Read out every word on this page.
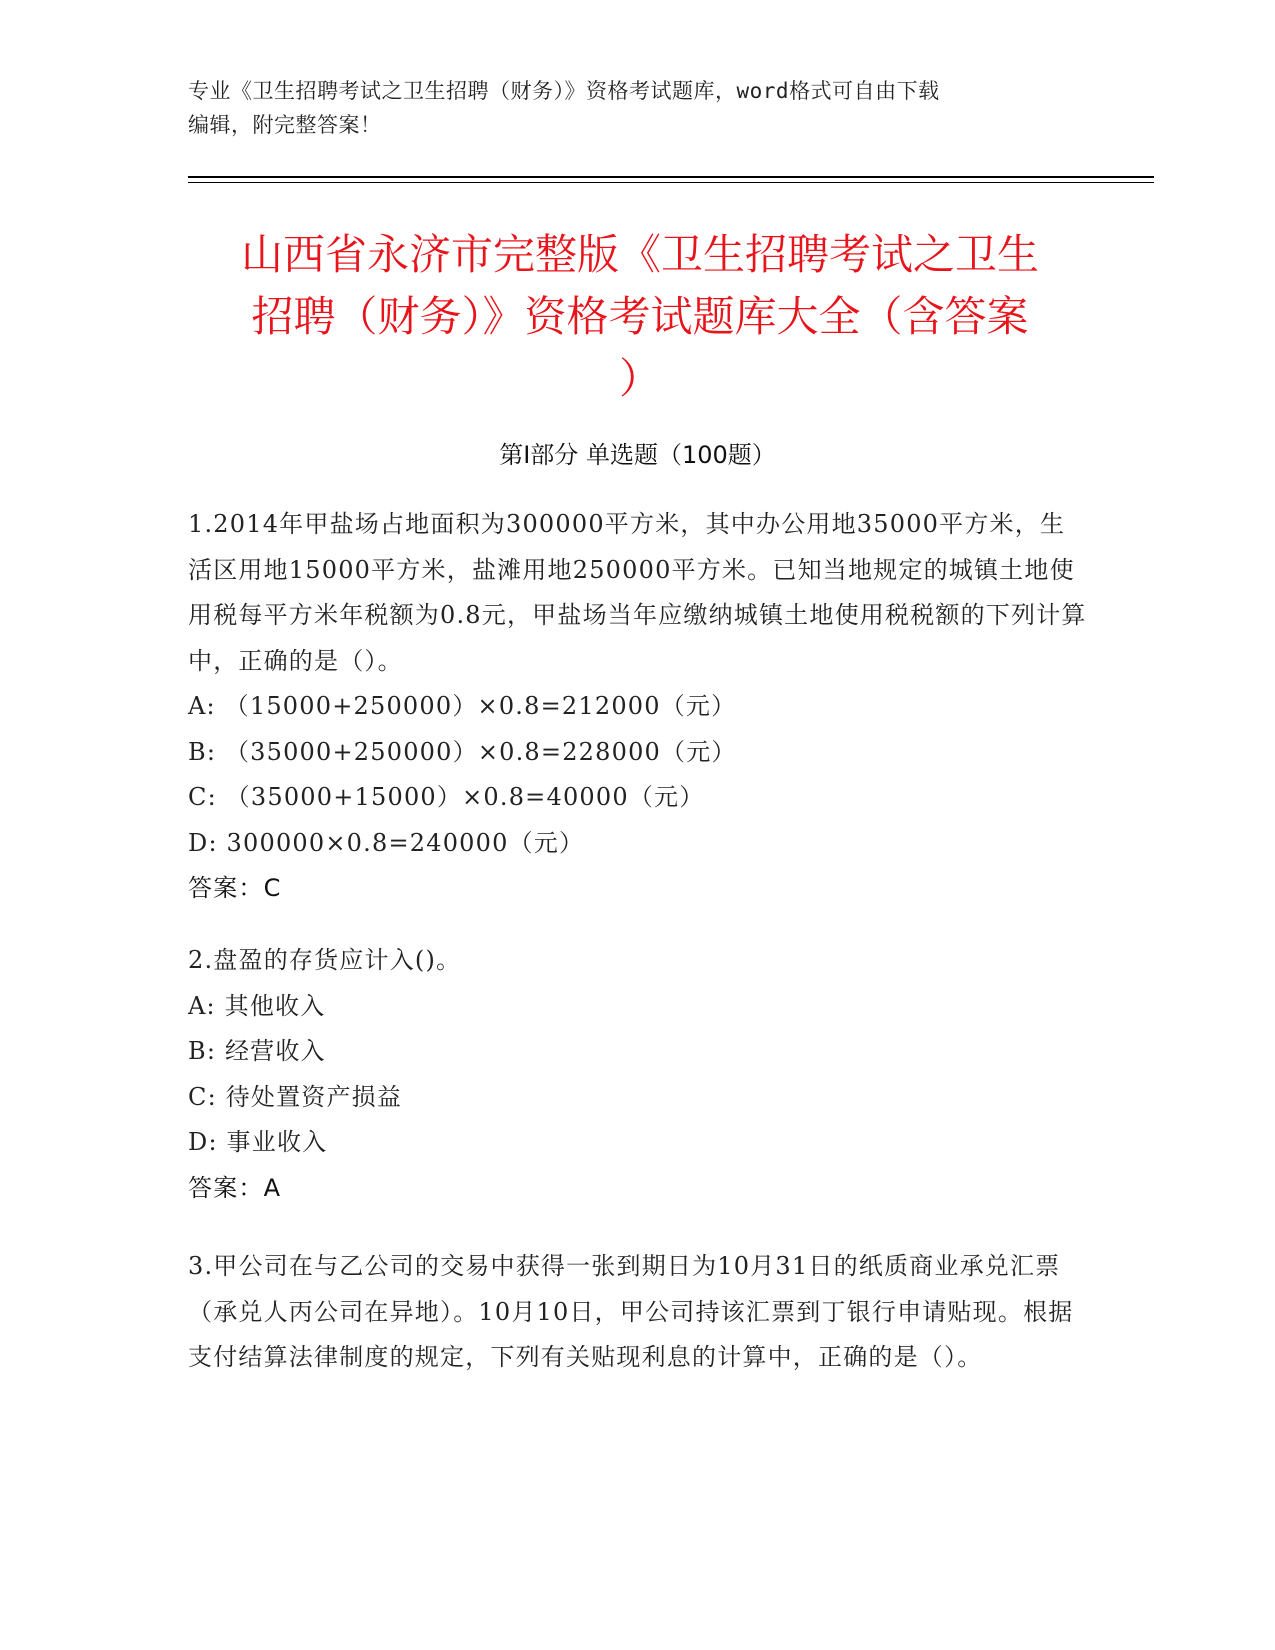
专业《卫生招聘考试之卫生招聘（财务）》资格考试题库，word格式可自由下载
编辑，附完整答案！
山西省永济市完整版《卫生招聘考试之卫生
招聘（财务）》资格考试题库大全（含答案
）
第Ⅰ部分 单选题（100题）

1.2014年甲盐场占地面积为300000平方米，其中办公用地35000平方米，生活区用地15000平方米，盐滩用地250000平方米。已知当地规定的城镇土地使用税每平方米年税额为0.8元，甲盐场当年应缴纳城镇土地使用税税额的下列计算中，正确的是（）。

A: （15000+250000）×0.8=212000（元）

B: （35000+250000）×0.8=228000（元）

C: （35000+15000）×0.8=40000（元）

D: 300000×0.8=240000（元）

答案：C

2.盘盈的存货应计入()。

A: 其他收入

B: 经营收入

C: 待处置资产损益

D: 事业收入

答案：A

3.甲公司在与乙公司的交易中获得一张到期日为10月31日的纸质商业承兑汇票（承兑人丙公司在异地）。10月10日，甲公司持该汇票到丁银行申请贴现。根据支付结算法律制度的规定，下列有关贴现利息的计算中，正确的是（）。
